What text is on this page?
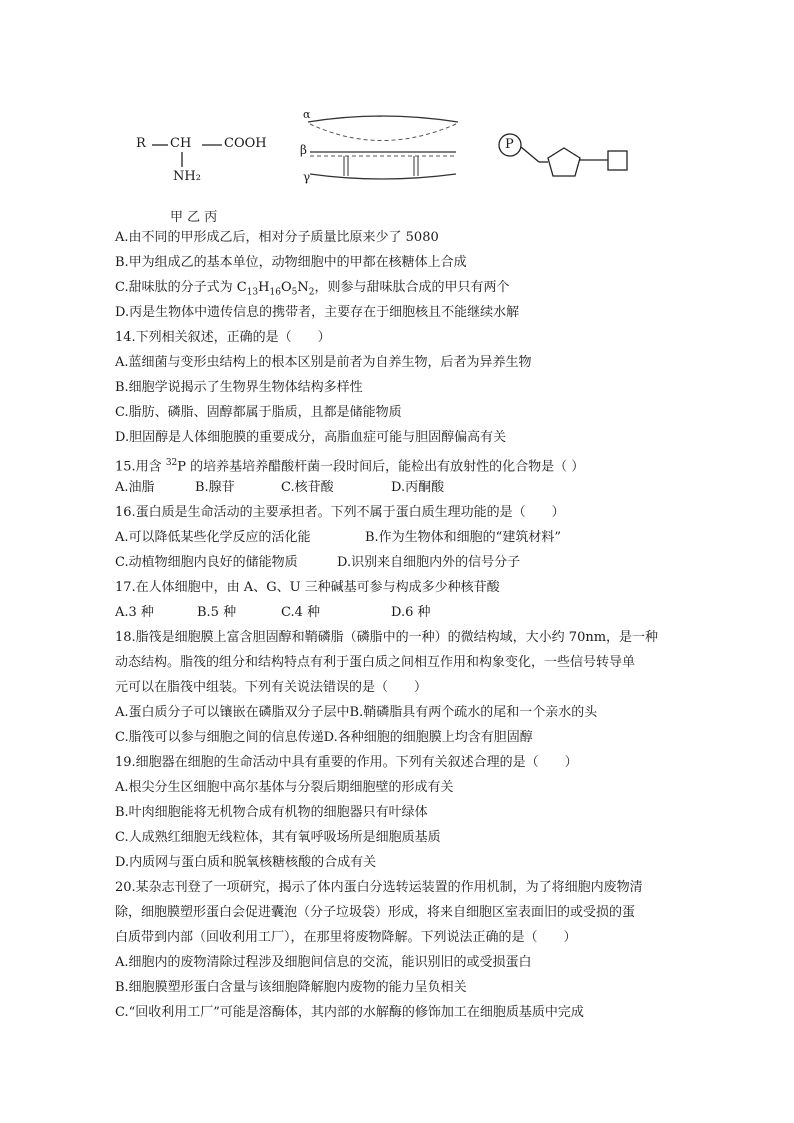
R CH	COOH
NH₂
α
β
γ
P
甲 乙 丙
A.由不同的甲形成乙后，相对分子质量比原来少了 5080
B.甲为组成乙的基本单位，动物细胞中的甲都在核糖体上合成
C.甜味肽的分子式为 $C_{13}H_{16}O_5N_2$，则参与甜味肽合成的甲只有两个
D.丙是生物体中遗传信息的携带者，主要存在于细胞核且不能继续水解
14.下列相关叙述，正确的是（　　）
A.蓝细菌与变形虫结构上的根本区别是前者为自养生物，后者为异养生物
B.细胞学说揭示了生物界生物体结构多样性
C.脂肪、磷脂、固醇都属于脂质，且都是储能物质
D.胆固醇是人体细胞膜的重要成分，高脂血症可能与胆固醇偏高有关
15.用含 $^{32}$P 的培养基培养醋酸杆菌一段时间后，能检出有放射性的化合物是（ ）
A.油脂	B.腺苷	C.核苷酸	D.丙酮酸
16.蛋白质是生命活动的主要承担者。下列不属于蛋白质生理功能的是（　　）
A.可以降低某些化学反应的活化能	B.作为生物体和细胞的“建筑材料”
C.动植物细胞内良好的储能物质	D.识别来自细胞内外的信号分子
17.在人体细胞中，由 A、G、U 三种碱基可参与构成多少种核苷酸
A.3 种	B.5 种	C.4 种	D.6 种
18.脂筏是细胞膜上富含胆固醇和鞘磷脂（磷脂中的一种）的微结构域，大小约 70nm，是一种
动态结构。脂筏的组分和结构特点有利于蛋白质之间相互作用和构象变化，一些信号转导单
元可以在脂筏中组装。下列有关说法错误的是（　　）
A.蛋白质分子可以镶嵌在磷脂双分子层中B.鞘磷脂具有两个疏水的尾和一个亲水的头
C.脂筏可以参与细胞之间的信息传递D.各种细胞的细胞膜上均含有胆固醇
19.细胞器在细胞的生命活动中具有重要的作用。下列有关叙述合理的是（　　）
A.根尖分生区细胞中高尔基体与分裂后期细胞壁的形成有关
B.叶肉细胞能将无机物合成有机物的细胞器只有叶绿体
C.人成熟红细胞无线粒体，其有氧呼吸场所是细胞质基质
D.内质网与蛋白质和脱氧核糖核酸的合成有关
20.某杂志刊登了一项研究，揭示了体内蛋白分选转运装置的作用机制，为了将细胞内废物清
除，细胞膜塑形蛋白会促进囊泡（分子垃圾袋）形成，将来自细胞区室表面旧的或受损的蛋
白质带到内部（回收利用工厂），在那里将废物降解。下列说法正确的是（　　）
A.细胞内的废物清除过程涉及细胞间信息的交流，能识别旧的或受损蛋白
B.细胞膜塑形蛋白含量与该细胞降解胞内废物的能力呈负相关
C.“回收利用工厂”可能是溶酶体，其内部的水解酶的修饰加工在细胞质基质中完成
